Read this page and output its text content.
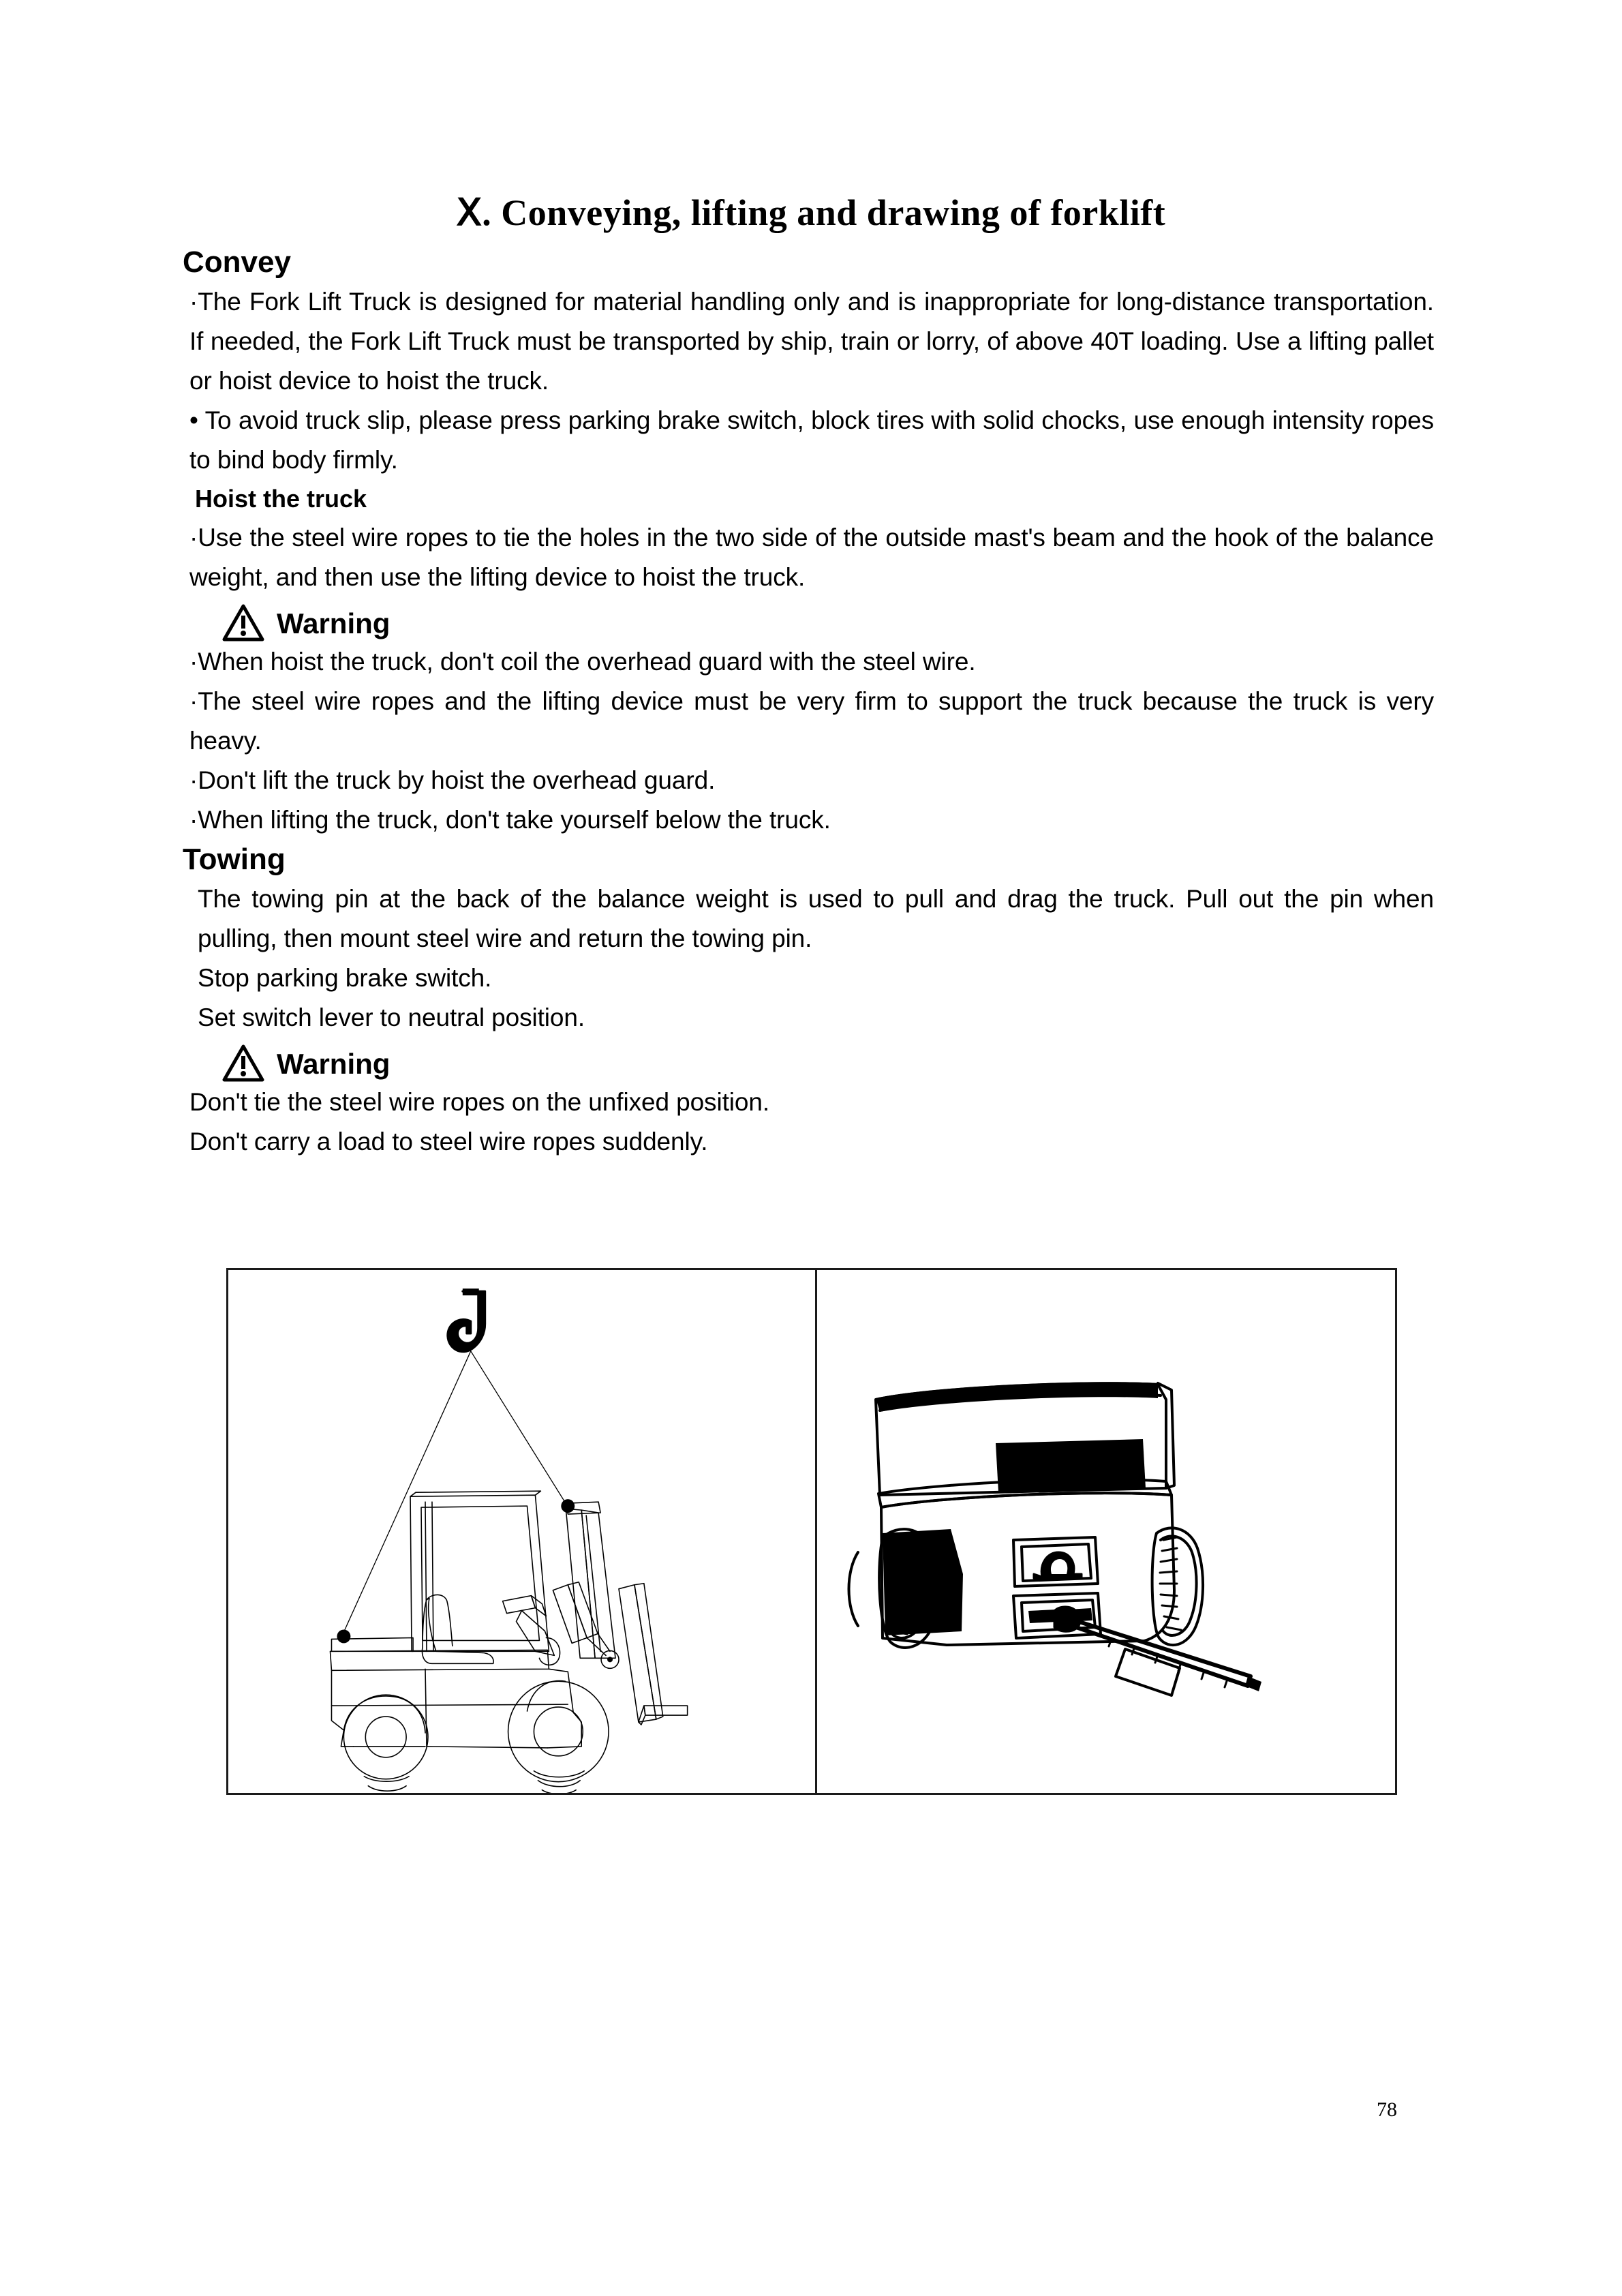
Ⅹ. Conveying, lifting and drawing of forklift
Convey

·The Fork Lift Truck is designed for material handling only and is inappropriate for long-distance transportation. If needed, the Fork Lift Truck must be transported by ship, train or lorry, of above 40T loading. Use a lifting pallet or hoist device to hoist the truck.

• To avoid truck slip, please press parking brake switch, block tires with solid chocks, use enough intensity ropes to bind body firmly.

Hoist the truck

·Use the steel wire ropes to tie the holes in the two side of the outside mast's beam and the hook of the balance weight, and then use the lifting device to hoist the truck.

Warning

·When hoist the truck, don't coil the overhead guard with the steel wire.

·The steel wire ropes and the lifting device must be very firm to support the truck because the truck is very heavy.

·Don't lift the truck by hoist the overhead guard.

·When lifting the truck, don't take yourself below the truck.

Towing

The towing pin at the back of the balance weight is used to pull and drag the truck. Pull out the pin when pulling, then mount steel wire and return the towing pin.

Stop parking brake switch.

Set switch lever to neutral position.

Warning

Don't tie the steel wire ropes on the unfixed position.

Don't carry a load to steel wire ropes suddenly.

78
